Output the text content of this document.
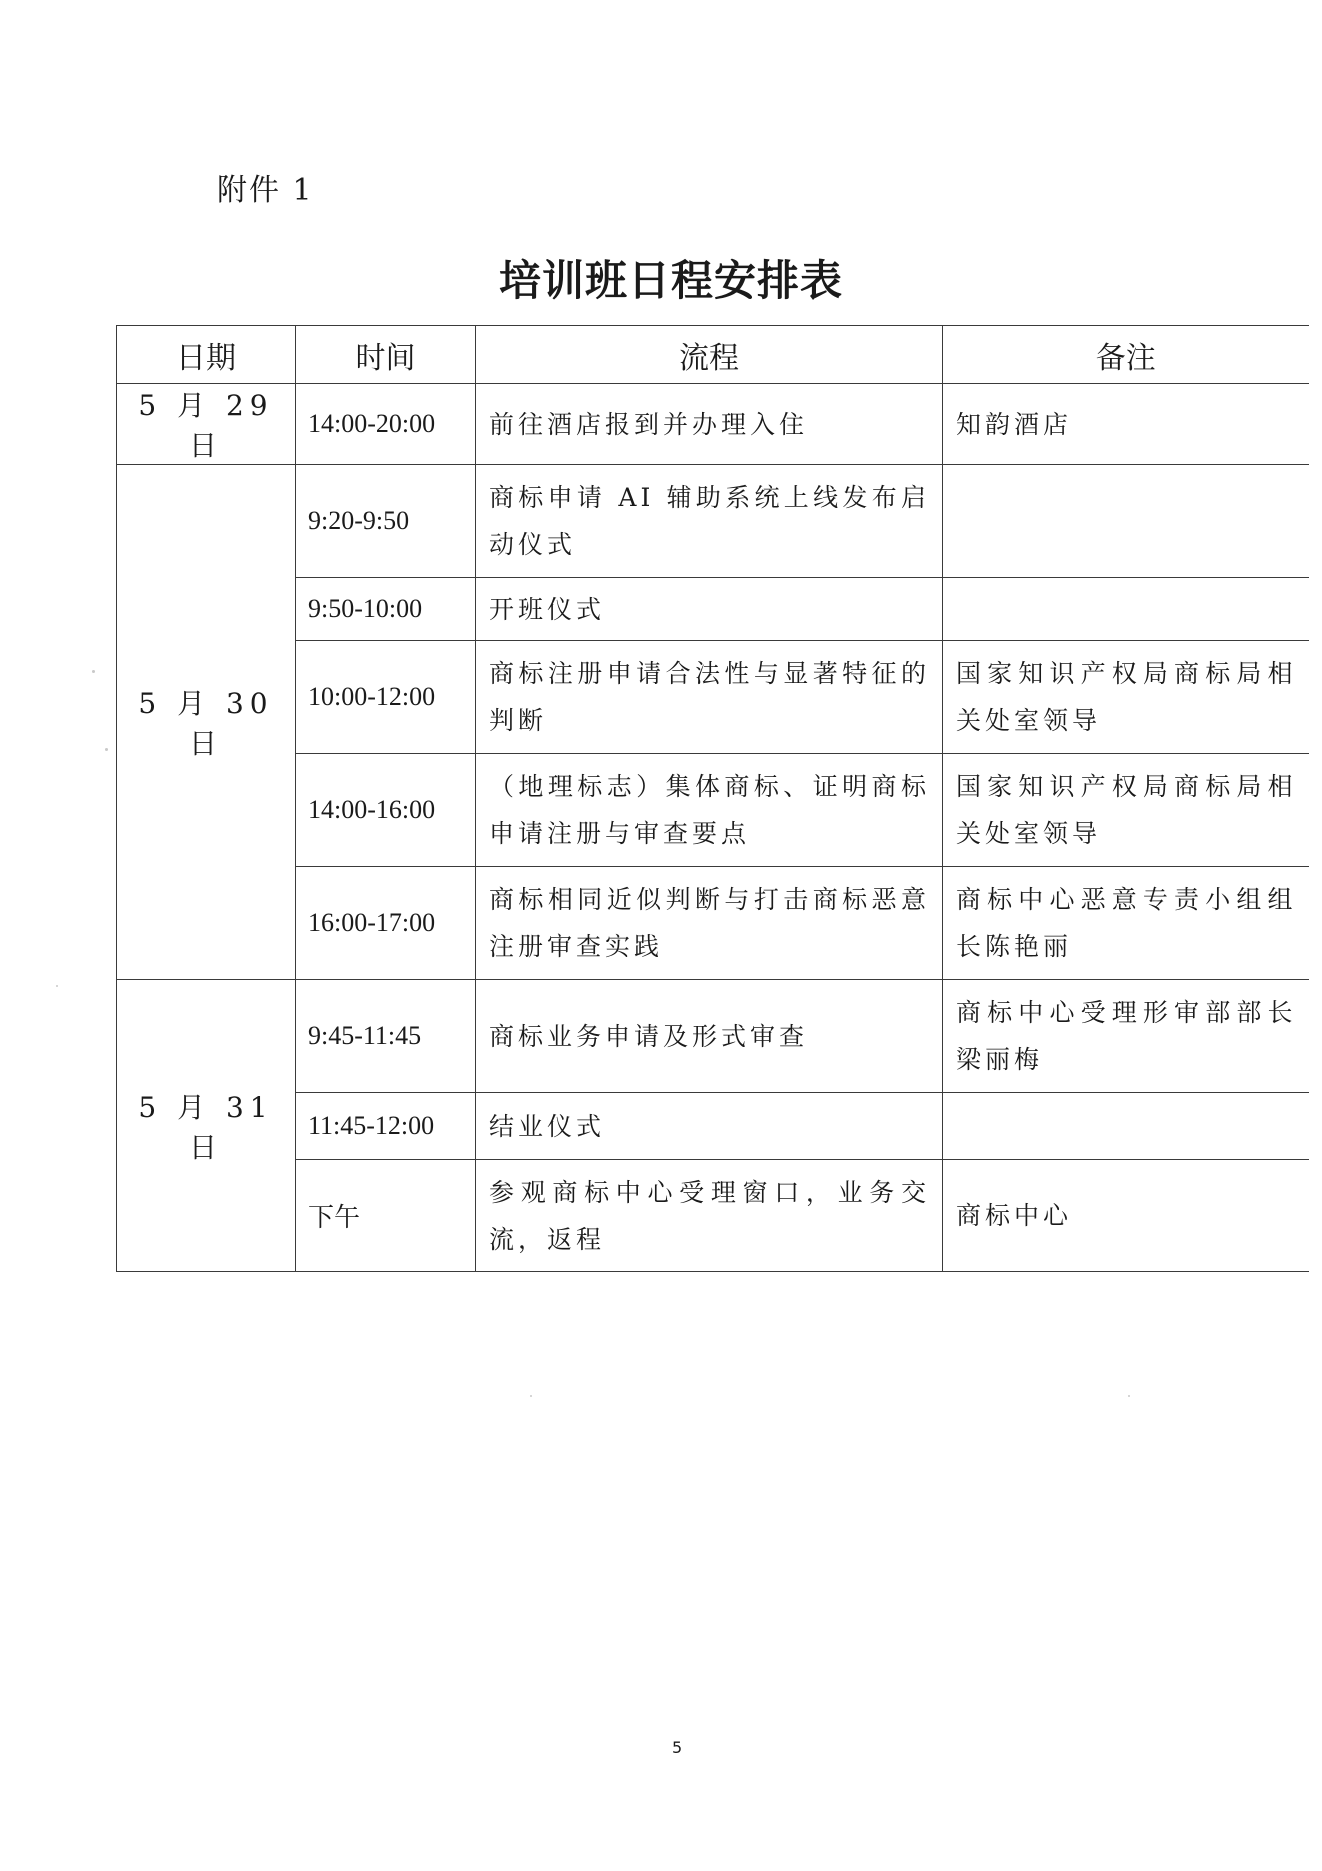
附件 1
培训班日程安排表
日期	时间	流程	备注
5 月 29 日	14:00-20:00	前往酒店报到并办理入住	知韵酒店
5 月 30 日	9:20-9:50	商标申请 AI 辅助系统上线发布启动仪式	
	9:50-10:00	开班仪式	
	10:00-12:00	商标注册申请合法性与显著特征的判断	国家知识产权局商标局相关处室领导
	14:00-16:00	（地理标志）集体商标、证明商标申请注册与审查要点	国家知识产权局商标局相关处室领导
	16:00-17:00	商标相同近似判断与打击商标恶意注册审查实践	商标中心恶意专责小组组长陈艳丽
5 月 31 日	9:45-11:45	商标业务申请及形式审查	商标中心受理形审部部长梁丽梅
	11:45-12:00	结业仪式	
	下午	参观商标中心受理窗口，业务交流，返程	商标中心
5
